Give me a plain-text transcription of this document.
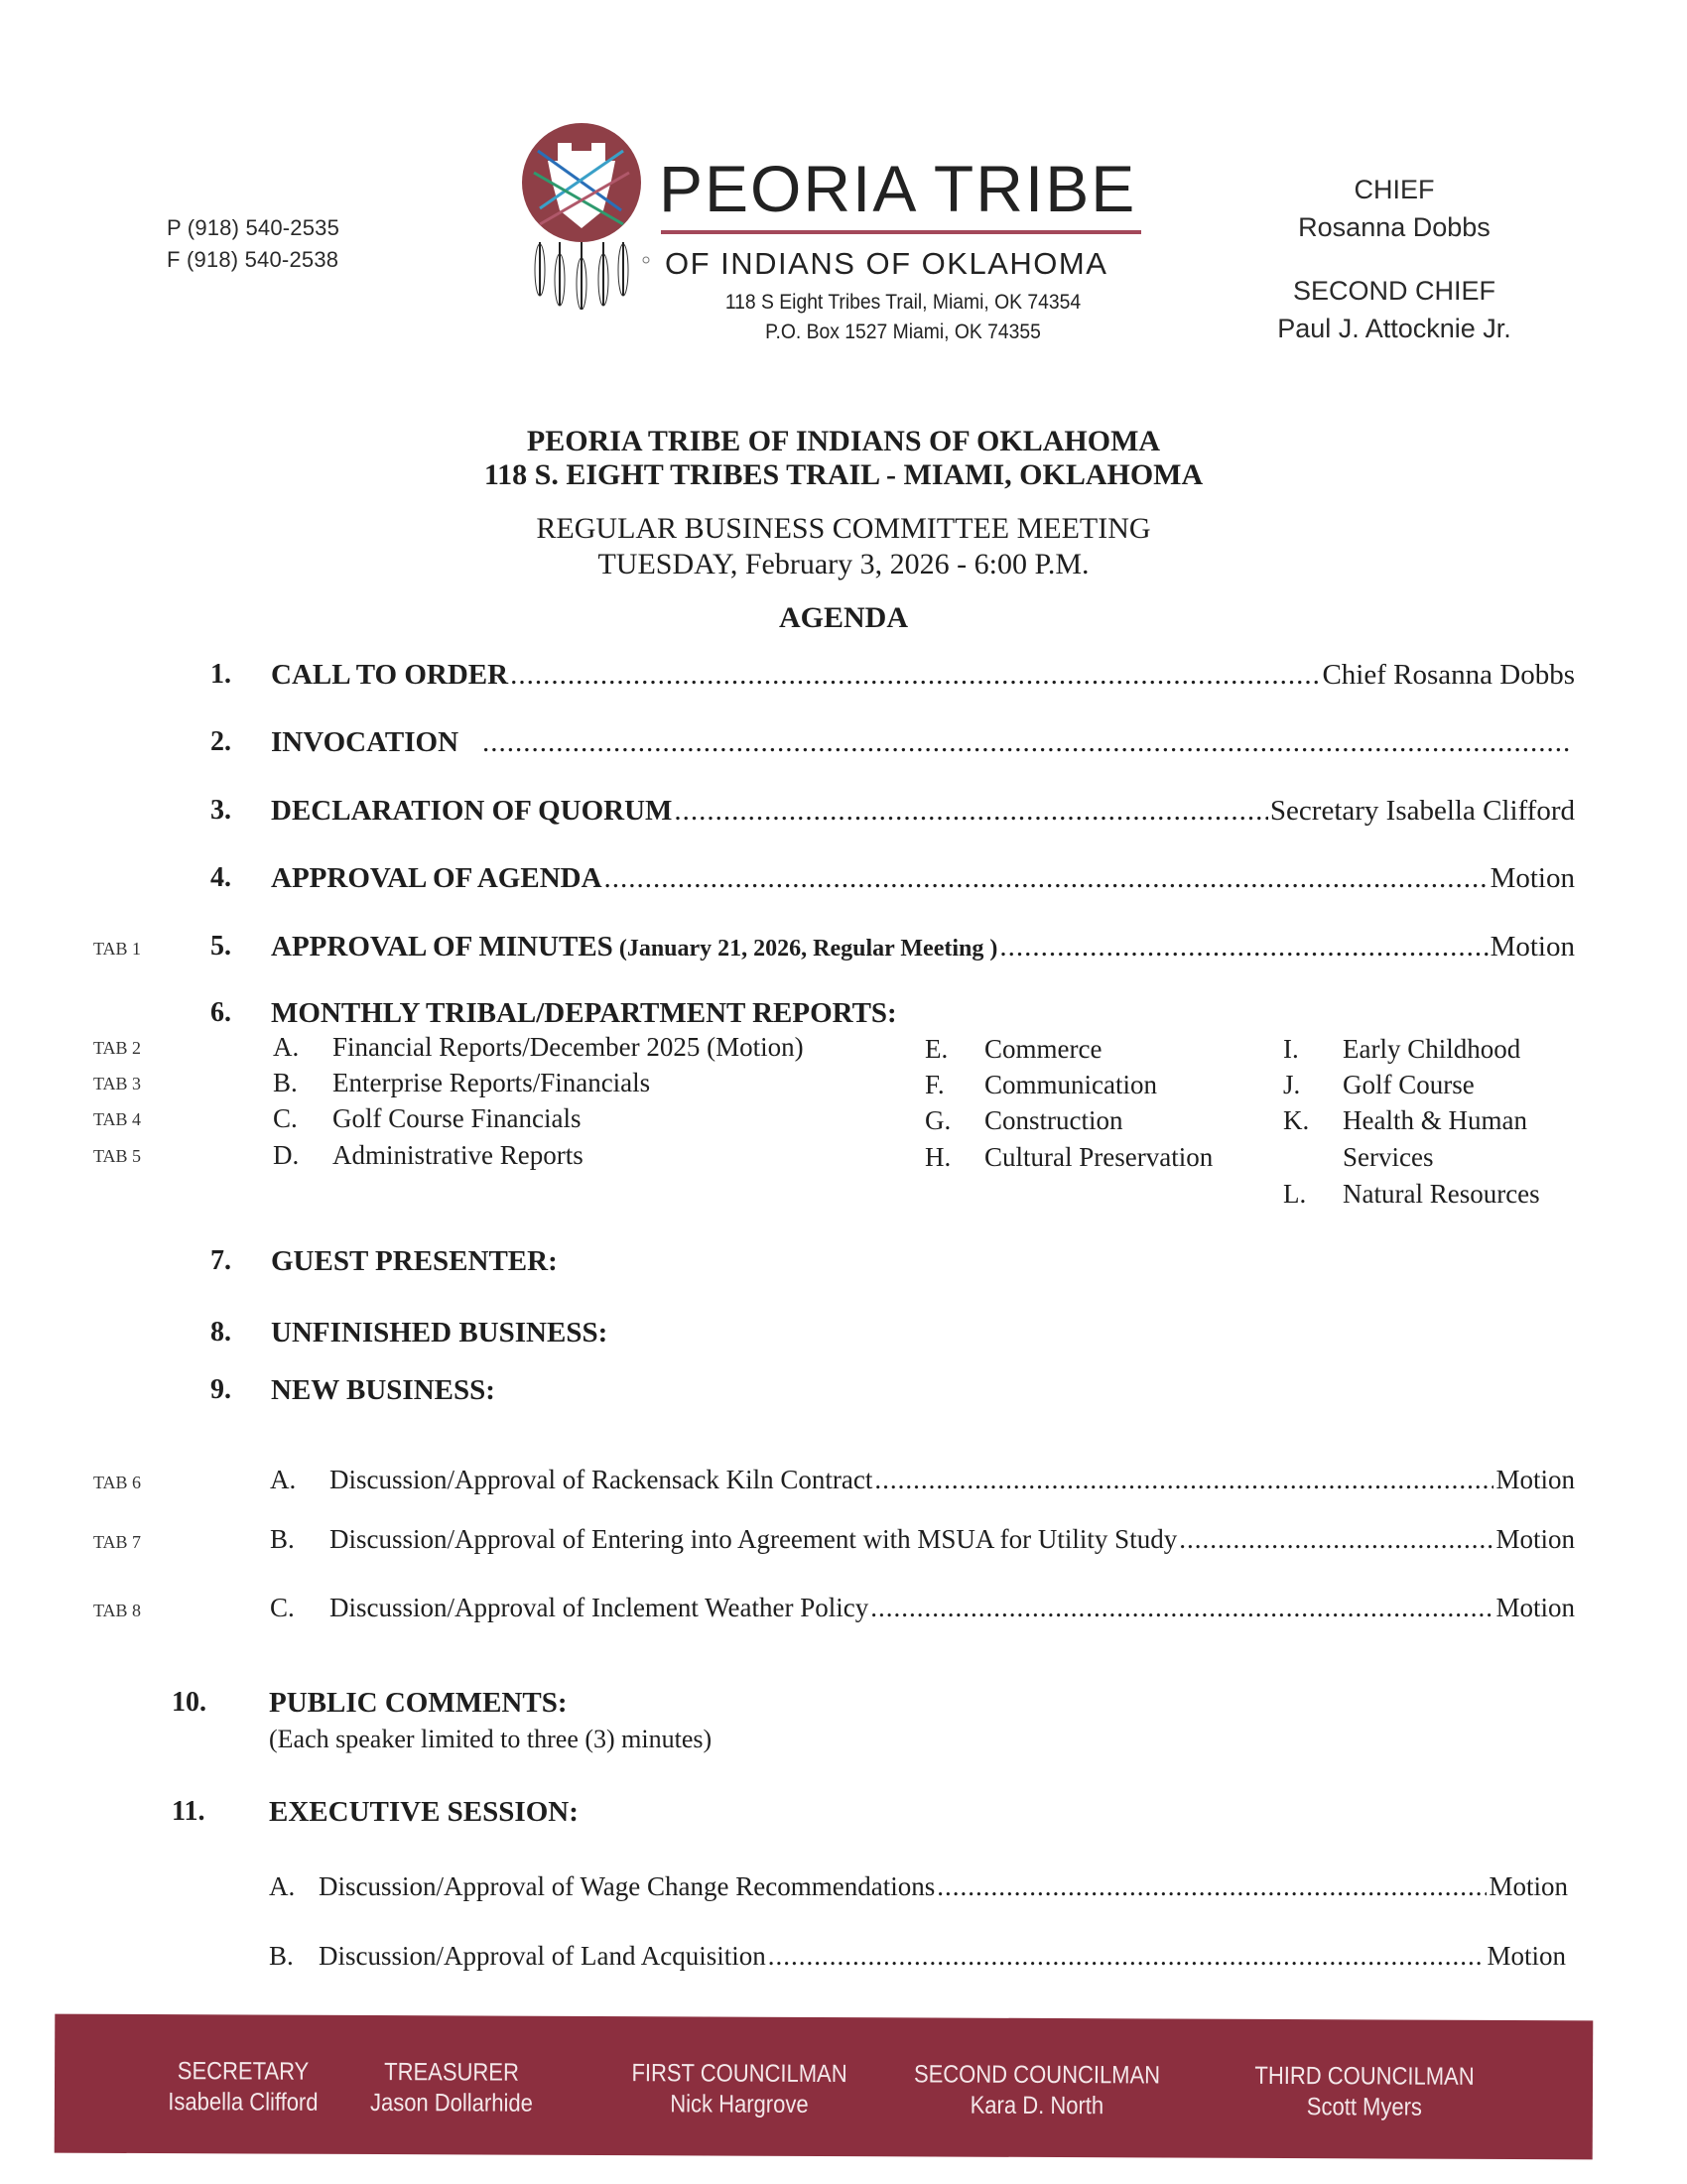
P (918) 540-2535
F (918) 540-2538
PEORIA TRIBE
OF INDIANS OF OKLAHOMA
118 S Eight Tribes Trail, Miami, OK 74354
P.O. Box 1527 Miami, OK 74355
CHIEF
Rosanna Dobbs
SECOND CHIEF
Paul J. Attocknie Jr.
PEORIA TRIBE OF INDIANS OF OKLAHOMA
118 S. EIGHT TRIBES TRAIL - MIAMI, OKLAHOMA
REGULAR BUSINESS COMMITTEE MEETING
TUESDAY, February 3, 2026 - 6:00 P.M.
AGENDA
1. CALL TO ORDER .....	Chief Rosanna Dobbs
2. INVOCATION
.....
3. DECLARATION OF QUORUM .....	Secretary Isabella Clifford
4. APPROVAL OF AGENDA .....	Motion
TAB 1 5. APPROVAL OF MINUTES (January 21, 2026, Regular Meeting ) .....	Motion
6. MONTHLY TRIBAL/DEPARTMENT REPORTS:
TAB 2	A. Financial Reports/December 2025 (Motion)
TAB 3	B. Enterprise Reports/Financials
TAB 4	C. Golf Course Financials
TAB 5	D. Administrative Reports
E. Commerce
F. Communication
G. Construction
H. Cultural Preservation
I. Early Childhood
J. Golf Course
K. Health & Human
Services
L. Natural Resources
7. GUEST PRESENTER:
8. UNFINISHED BUSINESS:
9. NEW BUSINESS:
TAB 6	A.	Discussion/Approval of Rackensack Kiln Contract .....	Motion
TAB 7	B.	Discussion/Approval of Entering into Agreement with MSUA for Utility Study .....	Motion
TAB 8	C.	Discussion/Approval of Inclement Weather Policy .....	Motion
10. PUBLIC COMMENTS:
(Each speaker limited to three (3) minutes)
11. EXECUTIVE SESSION:
A. Discussion/Approval of Wage Change Recommendations .....	Motion
B. Discussion/Approval of Land Acquisition .....	Motion
SECRETARY
Isabella Clifford
TREASURER
Jason Dollarhide
FIRST COUNCILMAN
Nick Hargrove
SECOND COUNCILMAN
Kara D. North
THIRD COUNCILMAN
Scott Myers
